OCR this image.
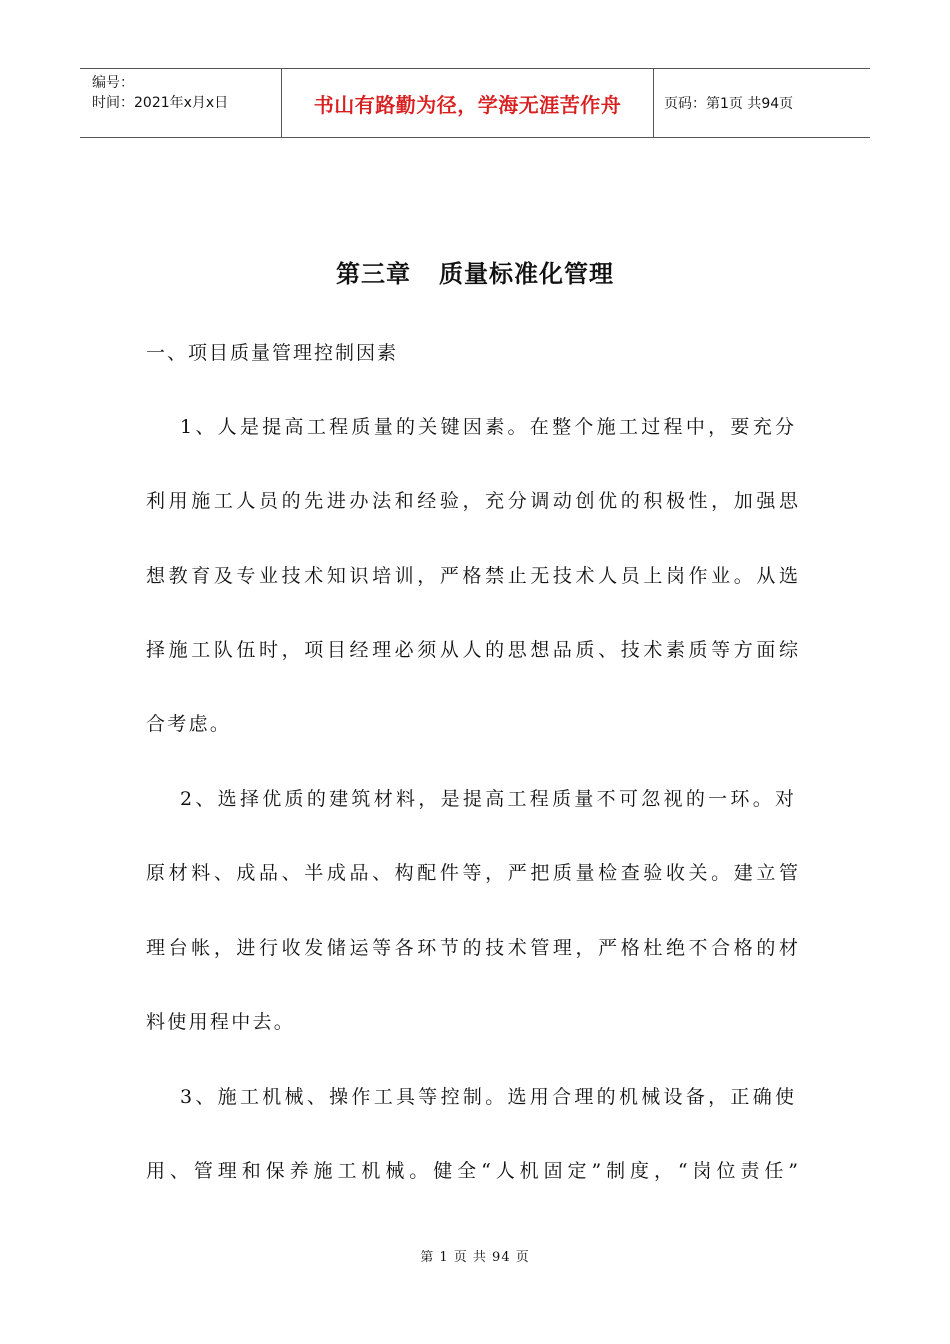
编号：
时间：2021年x月x日	书山有路勤为径，学海无涯苦作舟	页码：第1页 共94页
第三章   质量标准化管理
一、项目质量管理控制因素
1、人是提高工程质量的关键因素。在整个施工过程中，要充分
利用施工人员的先进办法和经验，充分调动创优的积极性，加强思
想教育及专业技术知识培训，严格禁止无技术人员上岗作业。从选
择施工队伍时，项目经理必须从人的思想品质、技术素质等方面综
合考虑。
2、选择优质的建筑材料，是提高工程质量不可忽视的一环。对
原材料、成品、半成品、构配件等，严把质量检查验收关。建立管
理台帐，进行收发储运等各环节的技术管理，严格杜绝不合格的材
料使用程中去。
3、施工机械、操作工具等控制。选用合理的机械设备，正确使
用、管理和保养施工机械。健全“人机固定”制度，“岗位责任”
第 1 页 共 94 页
